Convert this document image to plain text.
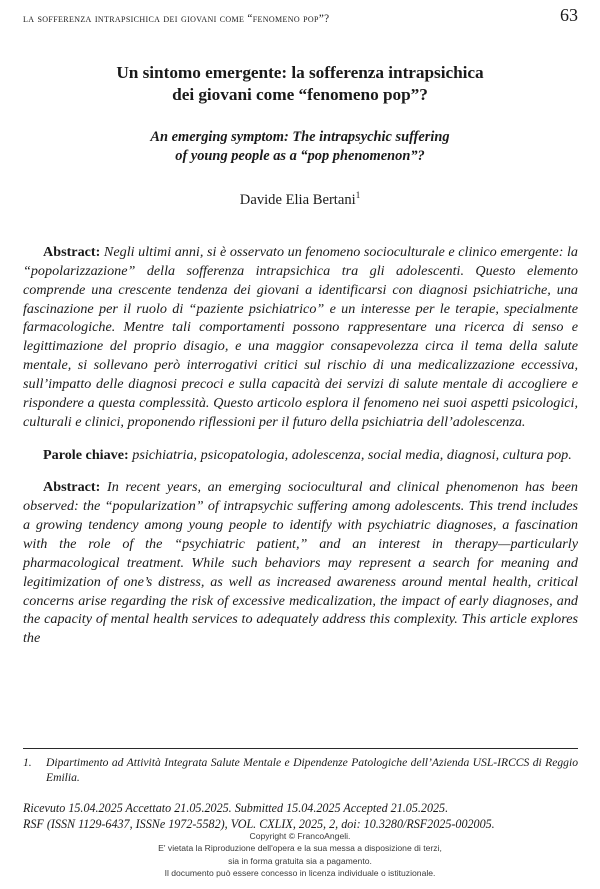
la sofferenza intrapsichica dei giovani come “fenomeno pop”?	63
Un sintomo emergente: la sofferenza intrapsichica
dei giovani come “fenomeno pop”?
An emerging symptom: The intrapsychic suffering
of young people as a “pop phenomenon”?
Davide Elia Bertani$^1$

Abstract: Negli ultimi anni, si è osservato un fenomeno socioculturale e clinico emergente: la “popolarizzazione” della sofferenza intrapsichica tra gli adolescenti. Questo elemento comprende una crescente tendenza dei giovani a identificarsi con diagnosi psichiatriche, una fascinazione per il ruolo di “paziente psichiatrico” e un interesse per le terapie, specialmente farmacologiche. Mentre tali comportamenti possono rappresentare una ricerca di senso e legittimazione del proprio disagio, e una maggior consapevolezza circa il tema della salute mentale, si sollevano però interrogativi critici sul rischio di una medicalizzazione eccessiva, sull’impatto delle diagnosi precoci e sulla capacità dei servizi di salute mentale di accogliere e rispondere a questa complessità. Questo articolo esplora il fenomeno nei suoi aspetti psicologici, culturali e clinici, proponendo riflessioni per il futuro della psichiatria dell’adolescenza.

Parole chiave: psichiatria, psicopatologia, adolescenza, social media, diagnosi, cultura pop.

Abstract: In recent years, an emerging sociocultural and clinical phenomenon has been observed: the “popularization” of intrapsychic suffering among adolescents. This trend includes a growing tendency among young people to identify with psychiatric diagnoses, a fascination with the role of the “psychiatric patient,” and an interest in therapy—particularly pharmacological treatment. While such behaviors may represent a search for meaning and legitimization of one’s distress, as well as increased awareness around mental health, critical concerns arise regarding the risk of excessive medicalization, the impact of early diagnoses, and the capacity of mental health services to adequately address this complexity. This article explores the

1.	Dipartimento ad Attività Integrata Salute Mentale e Dipendenze Patologiche dell’Azienda USL-IRCCS di Reggio Emilia.
Ricevuto 15.04.2025 Accettato 21.05.2025. Submitted 15.04.2025 Accepted 21.05.2025.
RSF (ISSN 1129-6437, ISSNe 1972-5582), VOL. CXLIX, 2025, 2, doi: 10.3280/RSF2025-002005.
Copyright © FrancoAngeli.
E' vietata la Riproduzione dell'opera e la sua messa a disposizione di terzi,
sia in forma gratuita sia a pagamento.
Il documento può essere concesso in licenza individuale o istituzionale.
